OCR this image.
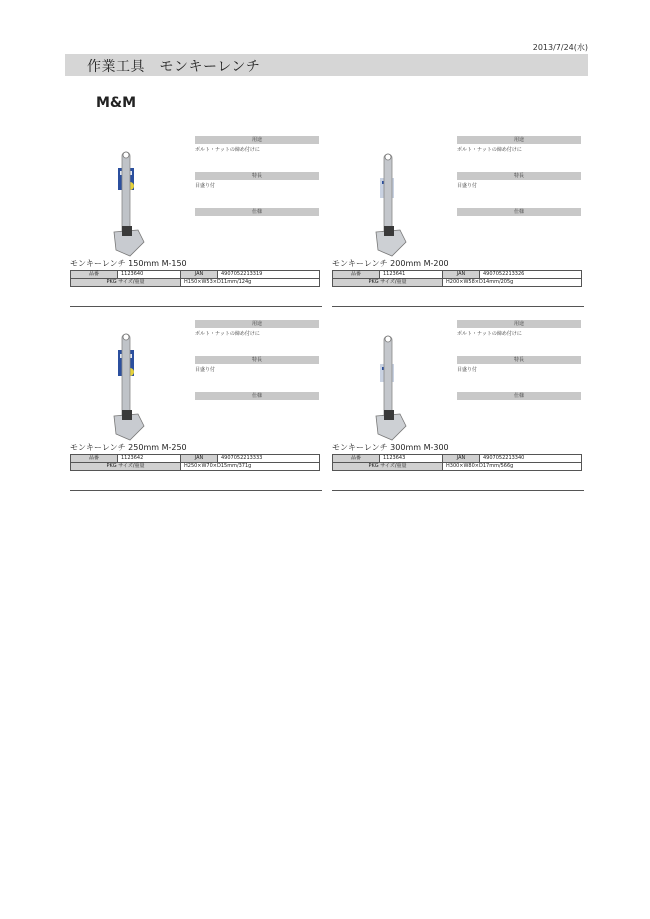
2013/7/24(水)
作業工具　モンキーレンチ
M&M
用途
ボルト・ナットの締め付けに
特長
目盛り付
仕様
モンキーレンチ 150mm M-150
品番	1123640	JAN	4907052213319
PKG サイズ/重量		H150×W53×D11mm/124g	
用途
ボルト・ナットの締め付けに
特長
目盛り付
仕様
モンキーレンチ 200mm M-200
品番	1123641	JAN	4907052213326
PKG サイズ/重量		H200×W58×D14mm/205g	
用途
ボルト・ナットの締め付けに
特長
目盛り付
仕様
モンキーレンチ 250mm M-250
品番	1123642	JAN	4907052213333
PKG サイズ/重量		H250×W70×D15mm/371g	
用途
ボルト・ナットの締め付けに
特長
目盛り付
仕様
モンキーレンチ 300mm M-300
品番	1123643	JAN	4907052213340
PKG サイズ/重量		H300×W80×D17mm/566g	
